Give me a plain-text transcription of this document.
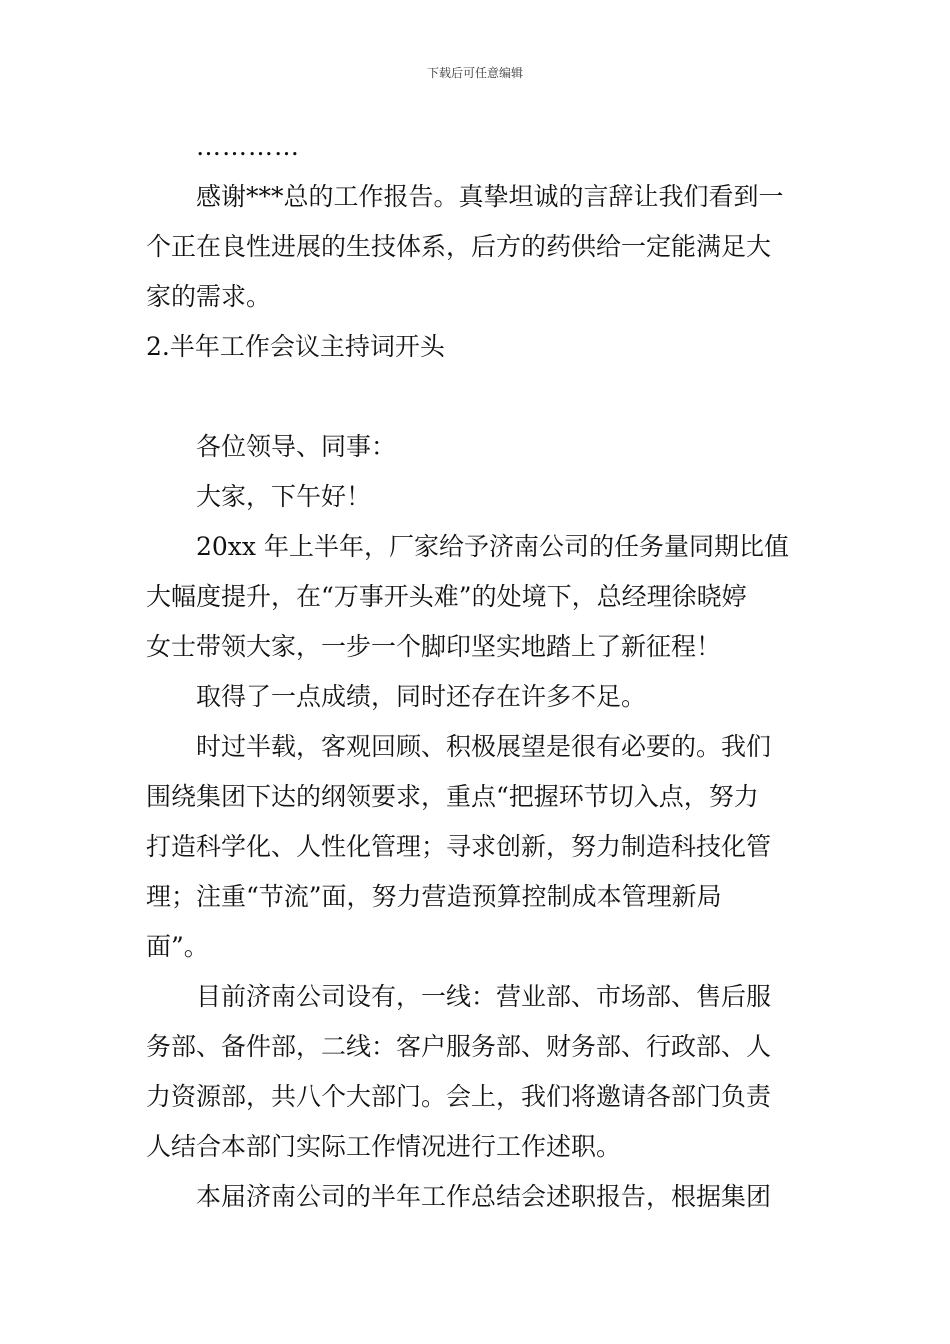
下载后可任意编辑
…………
感谢***总的工作报告。真挚坦诚的言辞让我们看到一
个正在良性进展的生技体系，后方的药供给一定能满足大
家的需求。
2.半年工作会议主持词开头
各位领导、同事：
大家，下午好！
20xx 年上半年，厂家给予济南公司的任务量同期比值
大幅度提升，在“万事开头难”的处境下，总经理徐晓婷
女士带领大家，一步一个脚印坚实地踏上了新征程！
取得了一点成绩，同时还存在许多不足。
时过半载，客观回顾、积极展望是很有必要的。我们
围绕集团下达的纲领要求，重点“把握环节切入点，努力
打造科学化、人性化管理；寻求创新，努力制造科技化管
理；注重“节流”面，努力营造预算控制成本管理新局
面”。
目前济南公司设有，一线：营业部、市场部、售后服
务部、备件部，二线：客户服务部、财务部、行政部、人
力资源部，共八个大部门。会上，我们将邀请各部门负责
人结合本部门实际工作情况进行工作述职。
本届济南公司的半年工作总结会述职报告，根据集团
